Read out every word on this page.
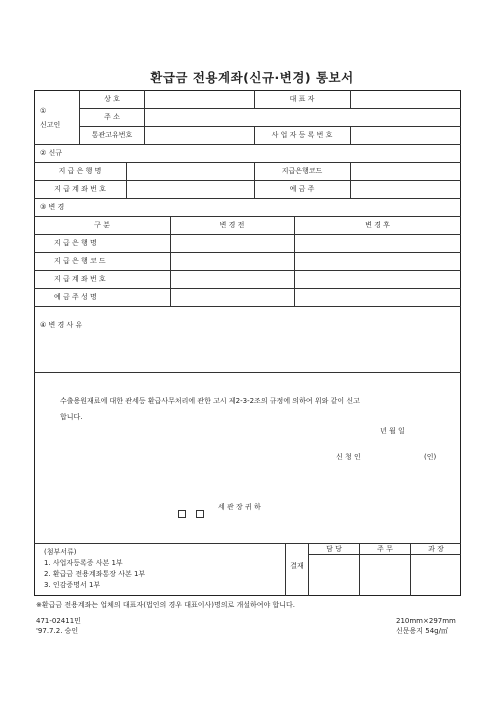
환급금 전용계좌(신규·변경) 통보서
①
신고인
상 호	대 표 자
주 소
통관고유번호	사 업 자 등 록 번 호
② 신규
지 급 은 행 명	지급은행코드
지 급 계 좌 번 호	예 금 주
③ 변 경
구 분	변 경 전	변 경 후
지 급 은 행 명
지 급 은 행 코 드
지 급 계 좌 번 호
예 금 주 성 명
④ 변 경 사 유
수출용원재료에 대한 관세등 환급사무처리에 관한 고시 제2-3-2조의 규정에 의하여 위와 같이 신고
합니다.
년 월 일
신 청 인	(인)
세 관 장 귀 하
(첨부서류)
1. 사업자등록증 사본 1부
2. 환급금 전용계좌통장 사본 1부
3. 인감증명서 1부
결재
담 당	주 무	과 장
※환급금 전용계좌는 업체의 대표자(법인의 경우 대표이사)명의로 개설하여야 합니다.
471-02411민
'97.7.2. 승인
210mm×297mm
신문용지 54g/㎡
